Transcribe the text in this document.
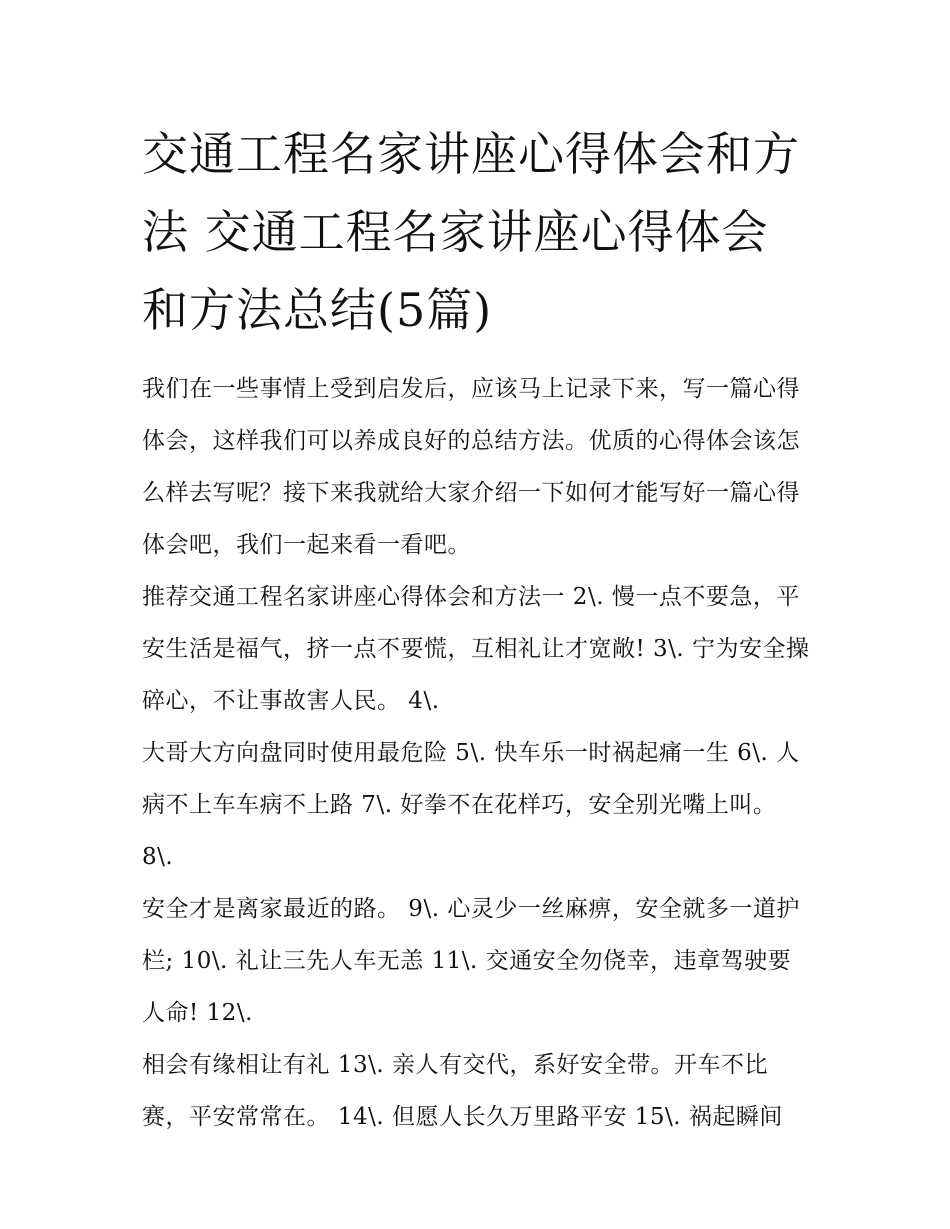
交通工程名家讲座心得体会和方法 交通工程名家讲座心得体会和方法总结(5篇)

我们在一些事情上受到启发后，应该马上记录下来，写一篇心得体会，这样我们可以养成良好的总结方法。优质的心得体会该怎么样去写呢？接下来我就给大家介绍一下如何才能写好一篇心得体会吧，我们一起来看一看吧。

推荐交通工程名家讲座心得体会和方法一 2\. 慢一点不要急，平安生活是福气，挤一点不要慌，互相礼让才宽敞! 3\. 宁为安全操碎心，不让事故害人民。 4\.

大哥大方向盘同时使用最危险 5\. 快车乐一时祸起痛一生 6\. 人病不上车车病不上路 7\. 好拳不在花样巧，安全别光嘴上叫。 8\.

安全才是离家最近的路。 9\. 心灵少一丝麻痹，安全就多一道护栏; 10\. 礼让三先人车无恙 11\. 交通安全勿侥幸，违章驾驶要人命! 12\.

相会有缘相让有礼 13\. 亲人有交代，系好安全带。开车不比赛，平安常常在。 14\. 但愿人长久万里路平安 15\. 祸起瞬间
